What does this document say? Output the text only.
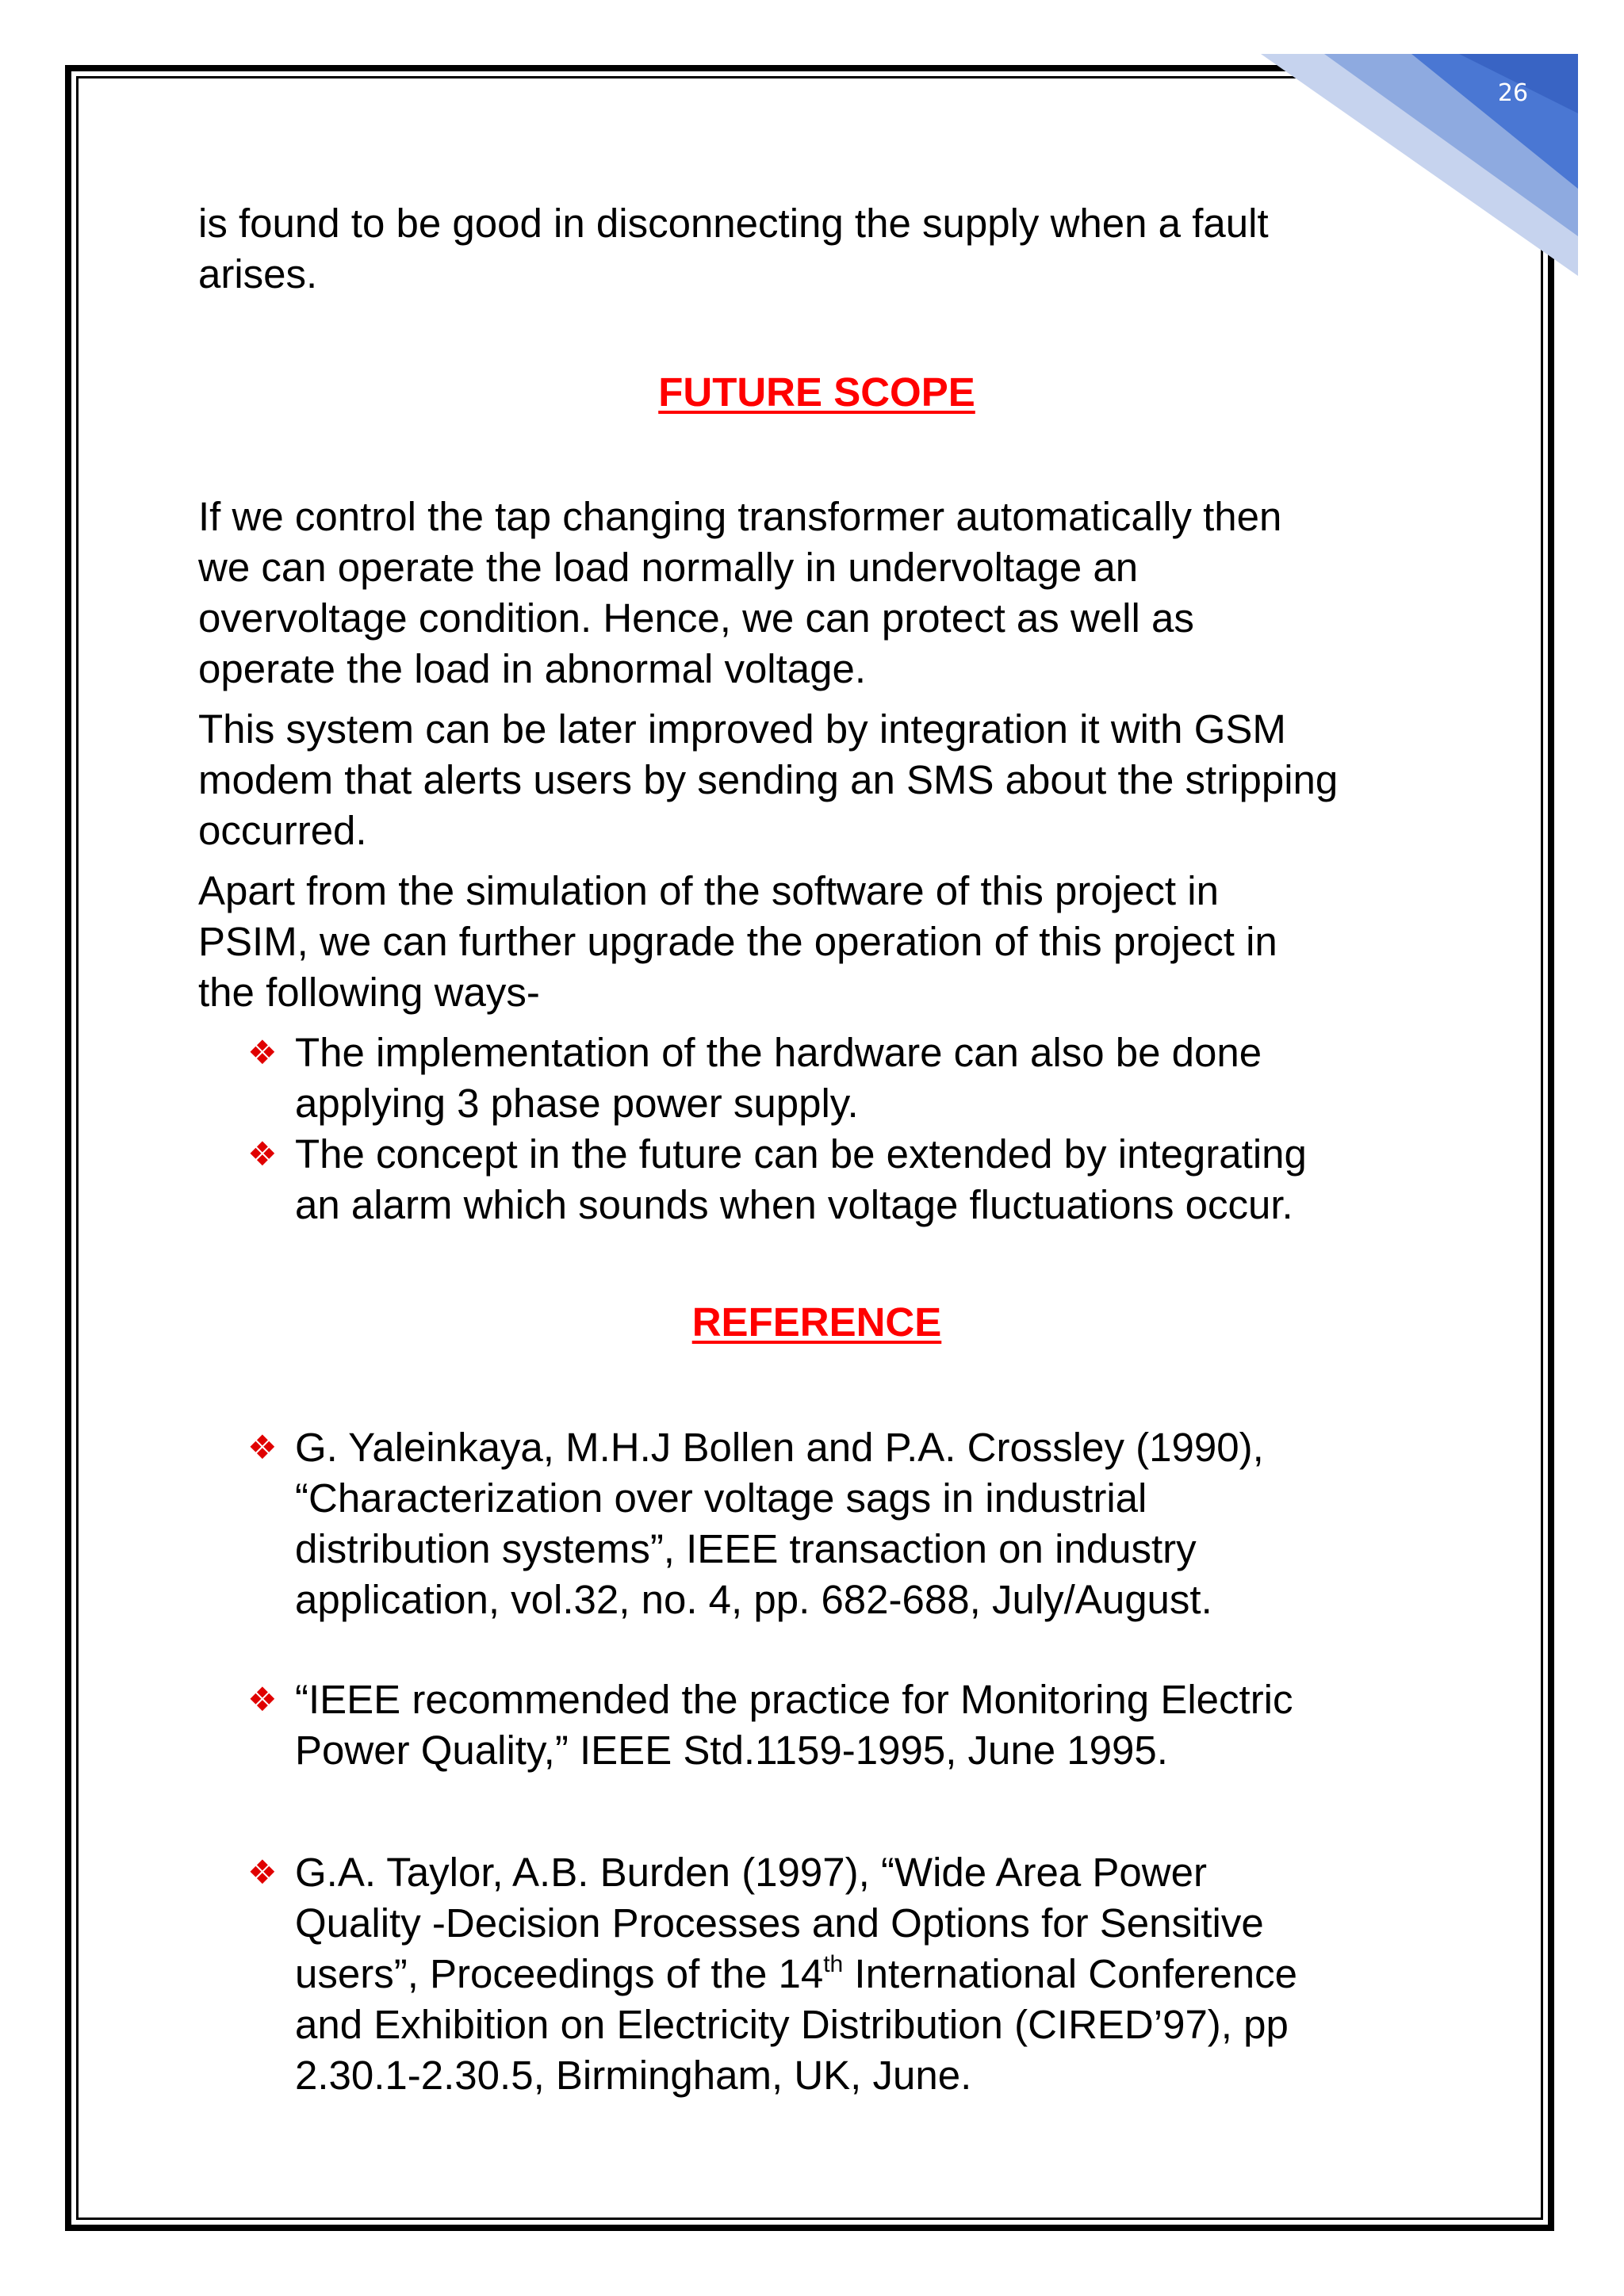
26
is found to be good in disconnecting the supply when a fault
arises.
FUTURE SCOPE
If we control the tap changing transformer automatically then
we can operate the load normally in undervoltage an
overvoltage condition. Hence, we can protect as well as
operate the load in abnormal voltage.
This system can be later improved by integration it with GSM
modem that alerts users by sending an SMS about the stripping
occurred.
Apart from the simulation of the software of this project in
PSIM, we can further upgrade the operation of this project in
the following ways-
❖ The implementation of the hardware can also be done
applying 3 phase power supply.
❖ The concept in the future can be extended by integrating
an alarm which sounds when voltage fluctuations occur.
REFERENCE
❖ G. Yaleinkaya, M.H.J Bollen and P.A. Crossley (1990),
“Characterization over voltage sags in industrial
distribution systems”, IEEE transaction on industry
application, vol.32, no. 4, pp. 682-688, July/August.
❖ “IEEE recommended the practice for Monitoring Electric
Power Quality,” IEEE Std.1159-1995, June 1995.
❖ G.A. Taylor, A.B. Burden (1997), “Wide Area Power
Quality -Decision Processes and Options for Sensitive
users”, Proceedings of the 14th International Conference
and Exhibition on Electricity Distribution (CIRED’97), pp
2.30.1-2.30.5, Birmingham, UK, June.
